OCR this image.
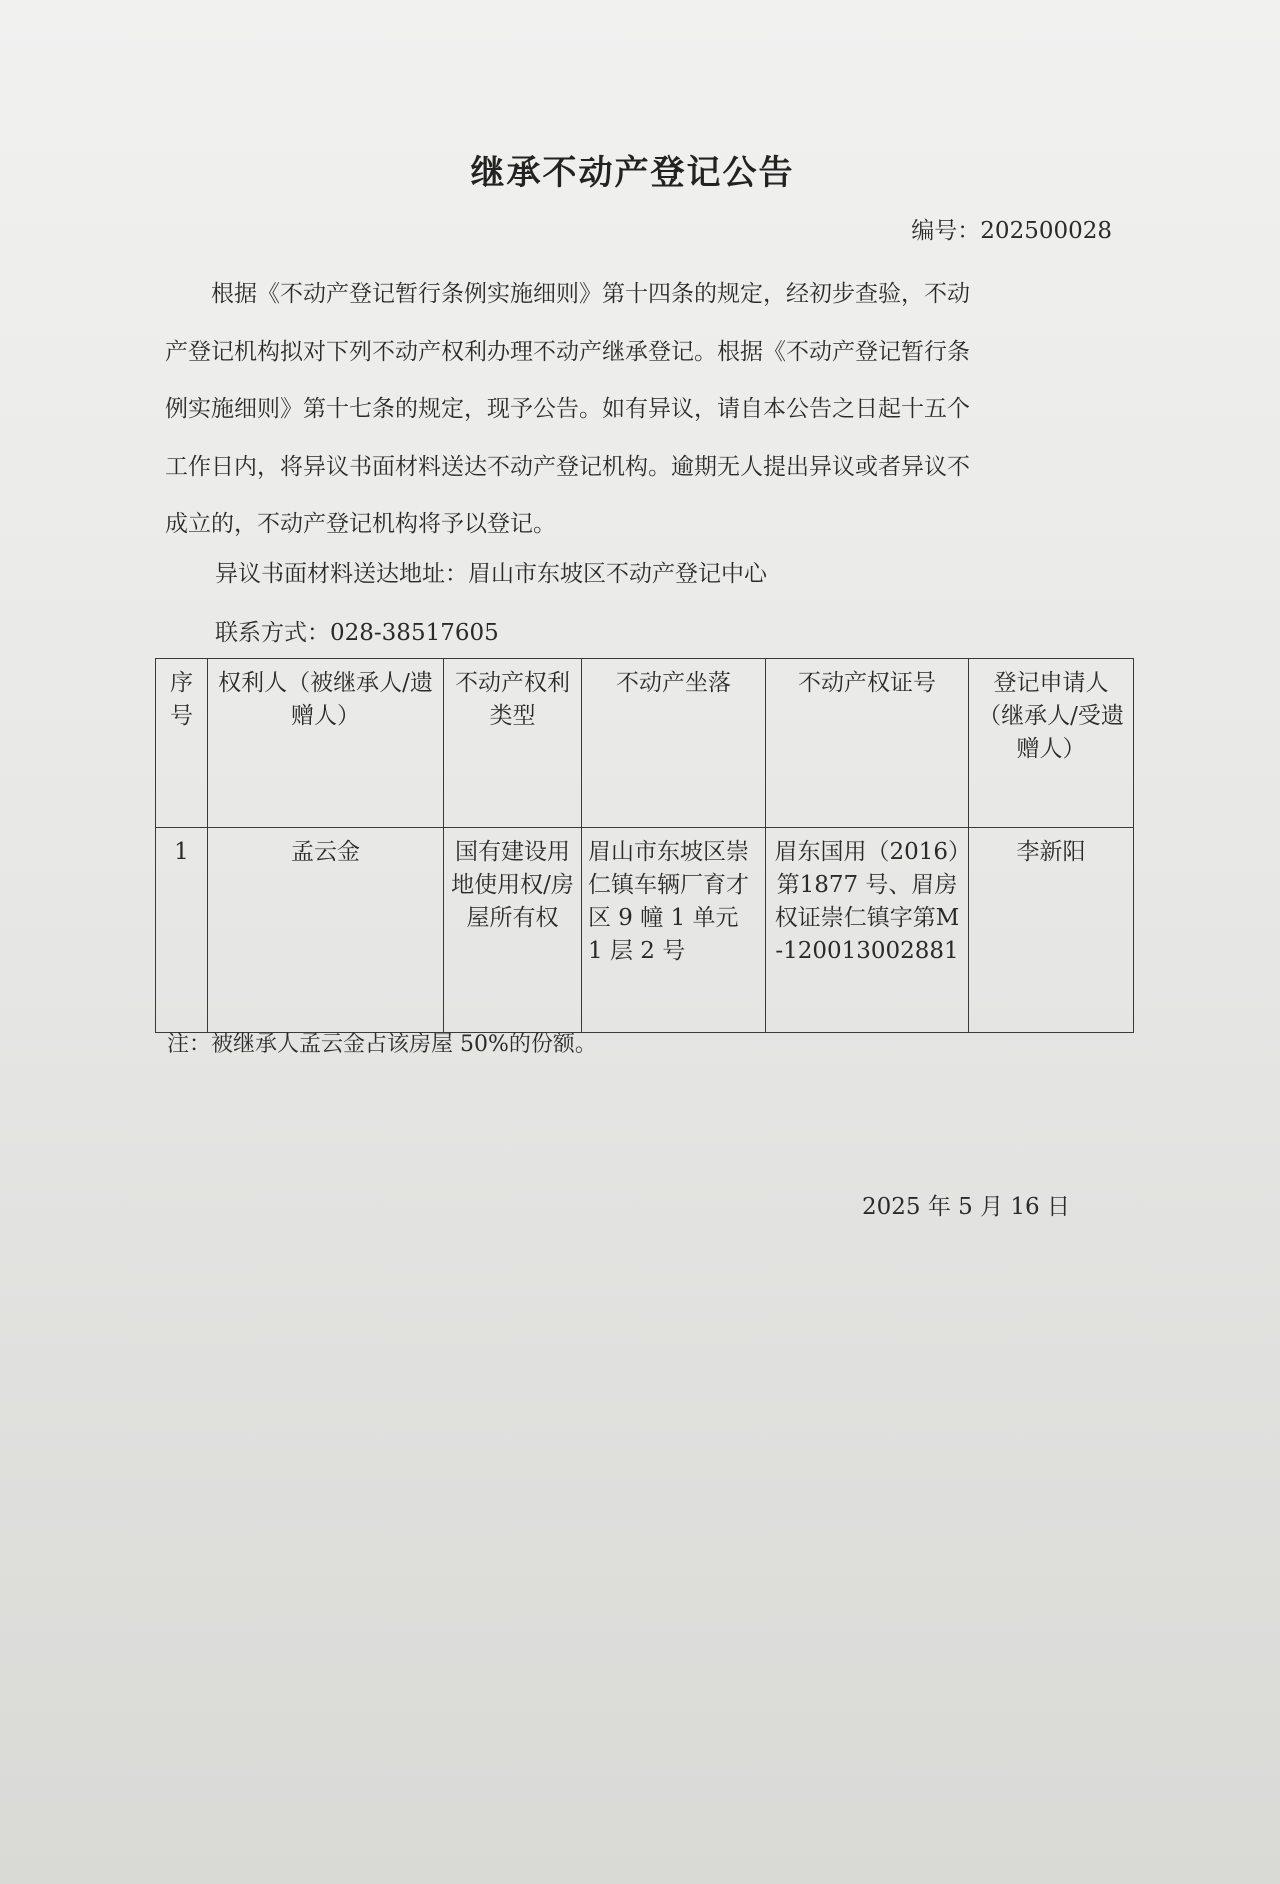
继承不动产登记公告
编号：202500028
根据《不动产登记暂行条例实施细则》第十四条的规定，经初步查验，不动
产登记机构拟对下列不动产权利办理不动产继承登记。根据《不动产登记暂行条
例实施细则》第十七条的规定，现予公告。如有异议，请自本公告之日起十五个
工作日内，将异议书面材料送达不动产登记机构。逾期无人提出异议或者异议不
成立的，不动产登记机构将予以登记。
异议书面材料送达地址：眉山市东坡区不动产登记中心
联系方式：028-38517605
序号	权利人（被继承人/遗赠人）	不动产权利类型	不动产坐落	不动产权证号	登记申请人（继承人/受遗赠人）
1	孟云金	国有建设用地使用权/房屋所有权	眉山市东坡区崇仁镇车辆厂育才区 9 幢 1 单元 1 层 2 号	眉东国用（2016）第1877 号、眉房权证崇仁镇字第M-120013002881	李新阳
注：被继承人孟云金占该房屋 50%的份额。
2025 年 5 月 16 日
